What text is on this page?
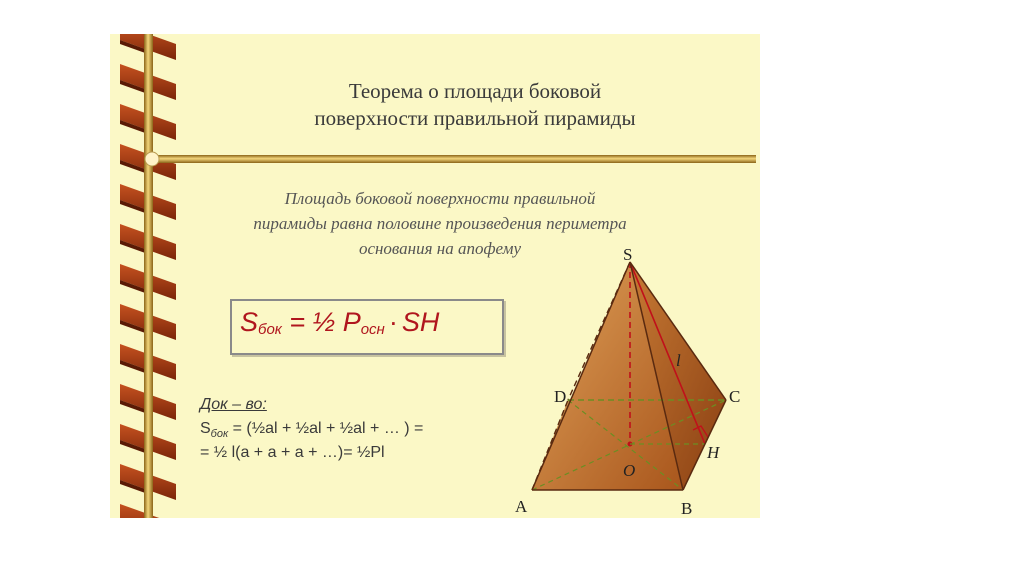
Теорема о площади боковой
поверхности правильной пирамиды
Площадь боковой поверхности правильной
пирамиды равна половине произведения периметра
основания на апофему
$S_{бок}$ = ½ $P_{осн}$ · SH
Док – во:
$S_{бок}$ = (½al + ½al + ½al + … ) =
= ½ l(a + a + a + …)= ½Pl
S
D	C
A	B
O
H
l
